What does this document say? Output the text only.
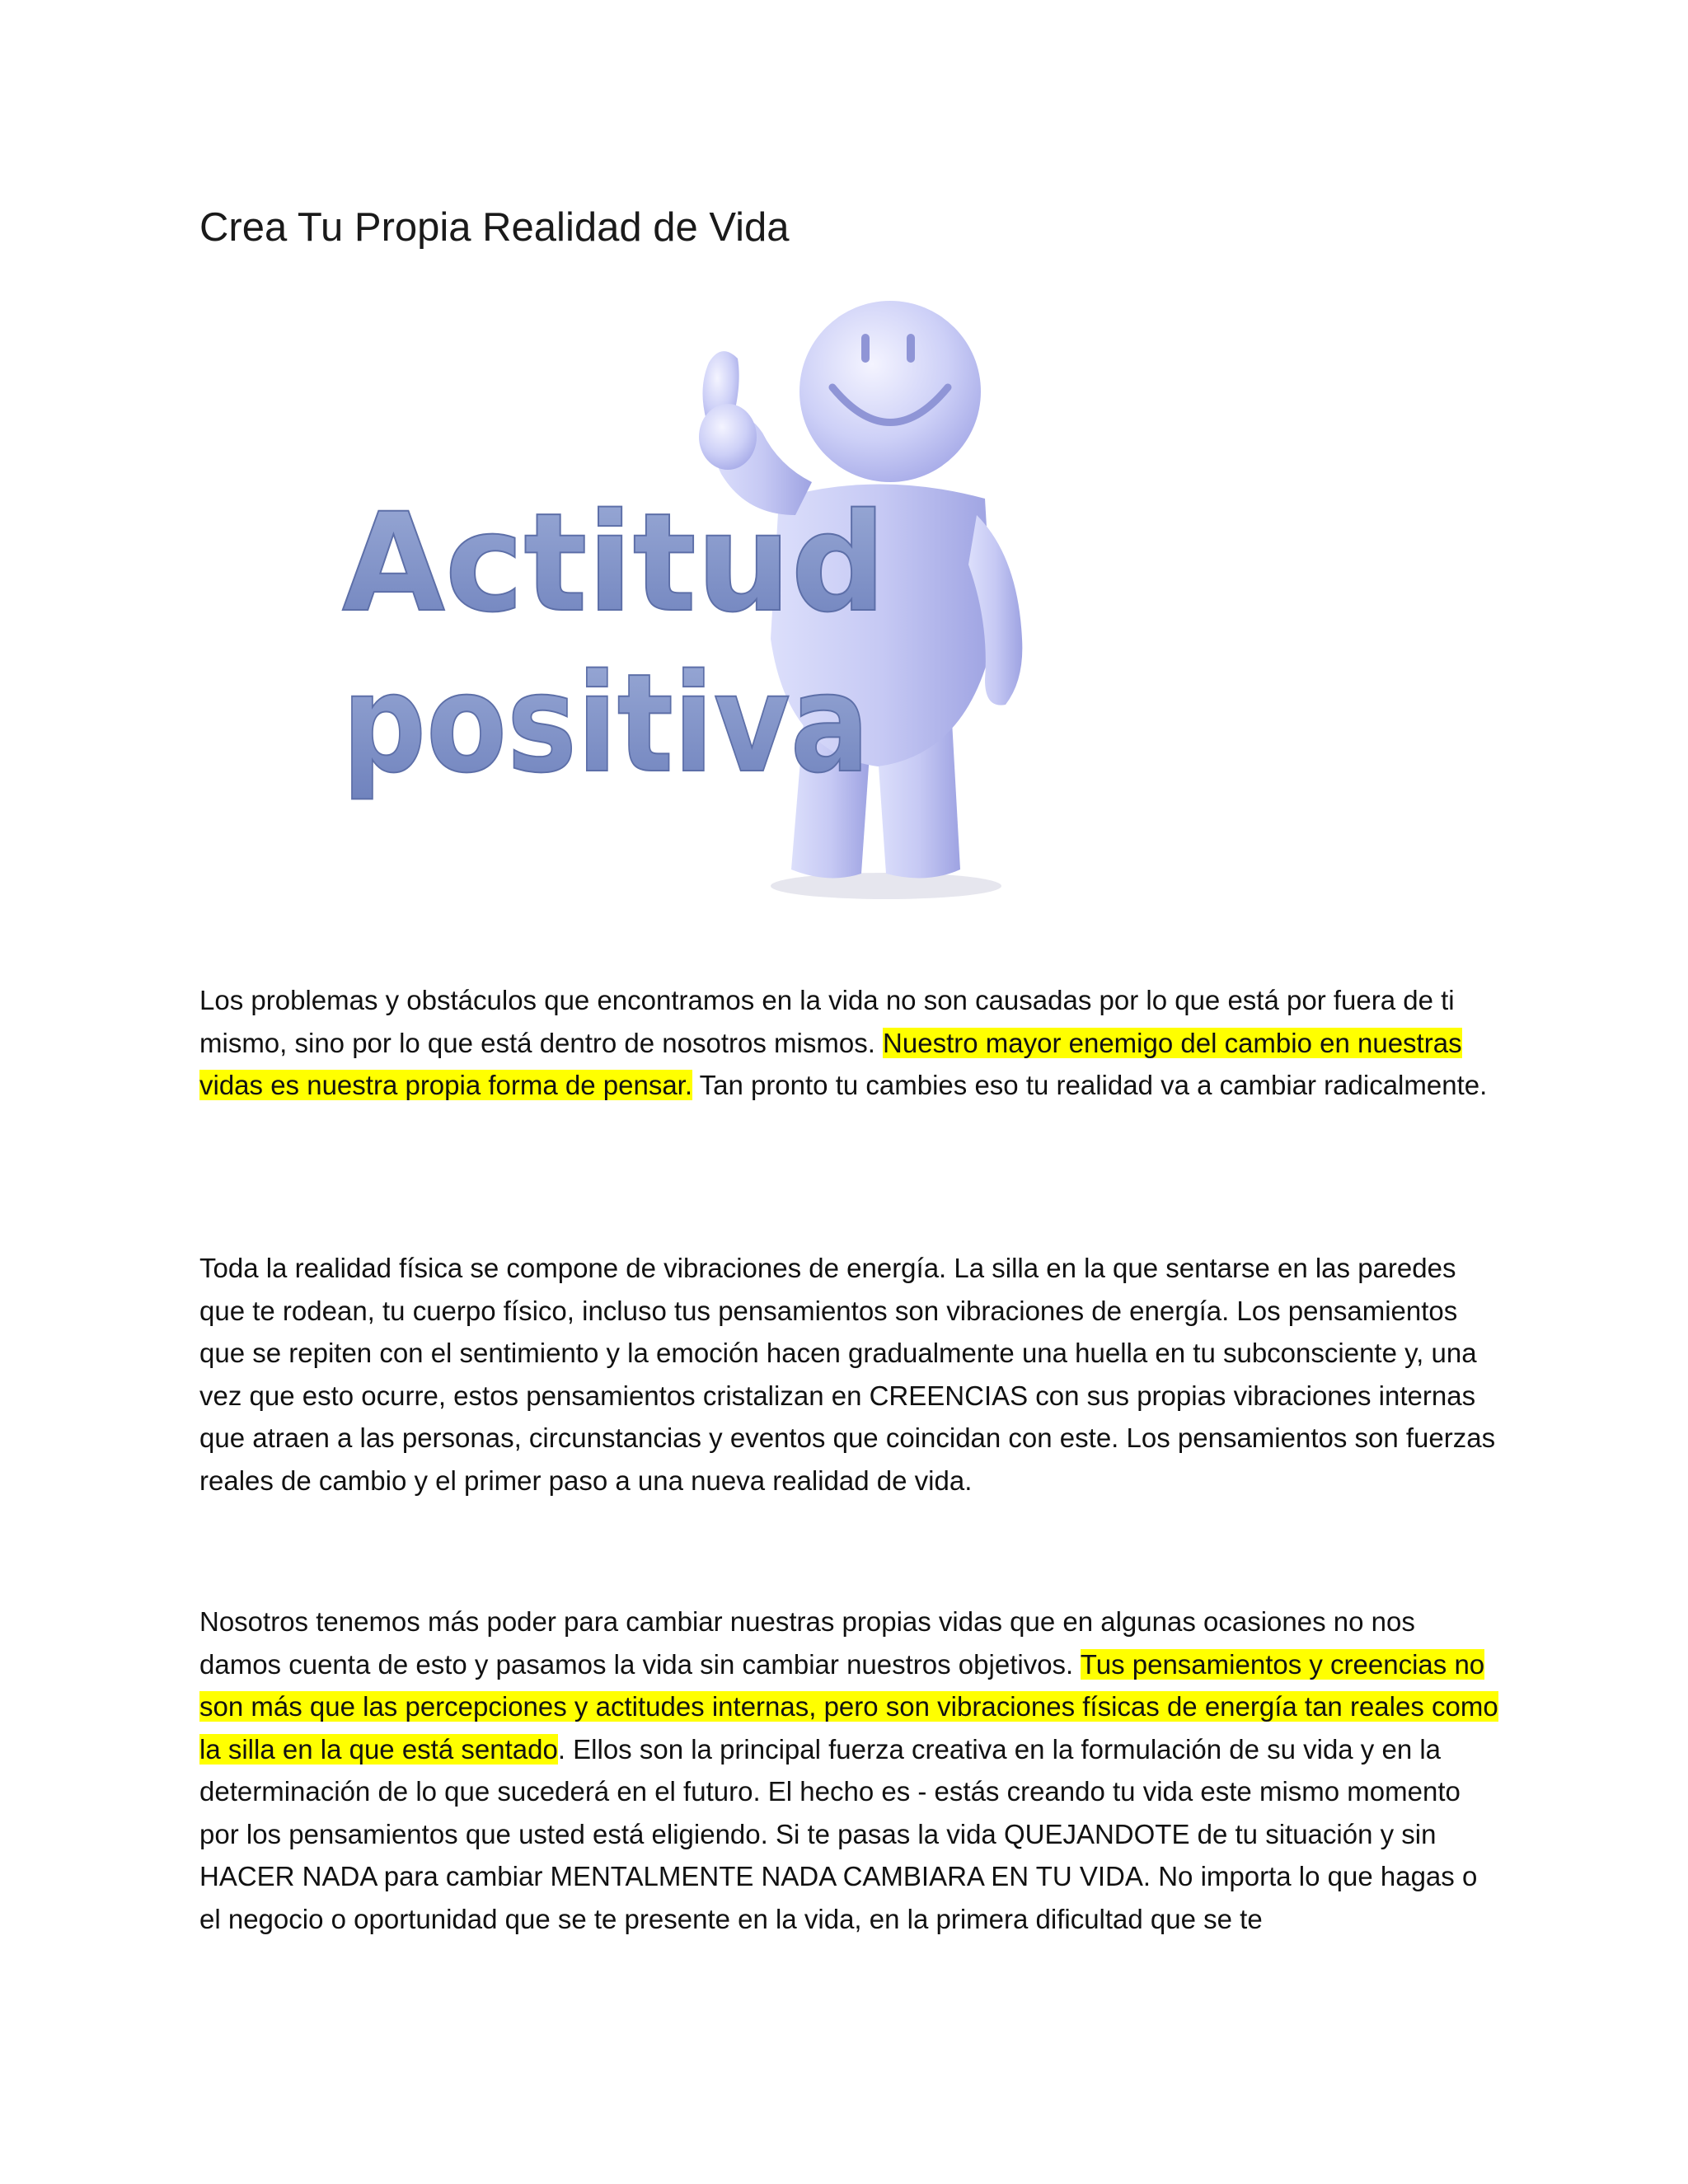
Crea Tu Propia Realidad de Vida
Actitud
positiva

Los problemas y obstáculos que encontramos en la vida no son causadas por lo que está por fuera de ti mismo, sino por lo que está dentro de nosotros mismos. Nuestro mayor enemigo del cambio en nuestras vidas es nuestra propia forma de pensar. Tan pronto tu cambies eso tu realidad va a cambiar radicalmente.

Toda la realidad física se compone de vibraciones de energía. La silla en la que sentarse en las paredes que te rodean, tu cuerpo físico, incluso tus pensamientos son vibraciones de energía. Los pensamientos que se repiten con el sentimiento y la emoción hacen gradualmente una huella en tu subconsciente y, una vez que esto ocurre, estos pensamientos cristalizan en CREENCIAS con sus propias vibraciones internas que atraen a las personas, circunstancias y eventos que coincidan con este. Los pensamientos son fuerzas reales de cambio y el primer paso a una nueva realidad de vida.

Nosotros tenemos más poder para cambiar nuestras propias vidas que en algunas ocasiones no nos damos cuenta de esto y pasamos la vida sin cambiar nuestros objetivos. Tus pensamientos y creencias no son más que las percepciones y actitudes internas, pero son vibraciones físicas de energía tan reales como la silla en la que está sentado. Ellos son la principal fuerza creativa en la formulación de su vida y en la determinación de lo que sucederá en el futuro. El hecho es - estás creando tu vida este mismo momento por los pensamientos que usted está eligiendo. Si te pasas la vida QUEJANDOTE de tu situación y sin HACER NADA para cambiar MENTALMENTE NADA CAMBIARA EN TU VIDA. No importa lo que hagas o el negocio o oportunidad que se te presente en la vida, en la primera dificultad que se te
